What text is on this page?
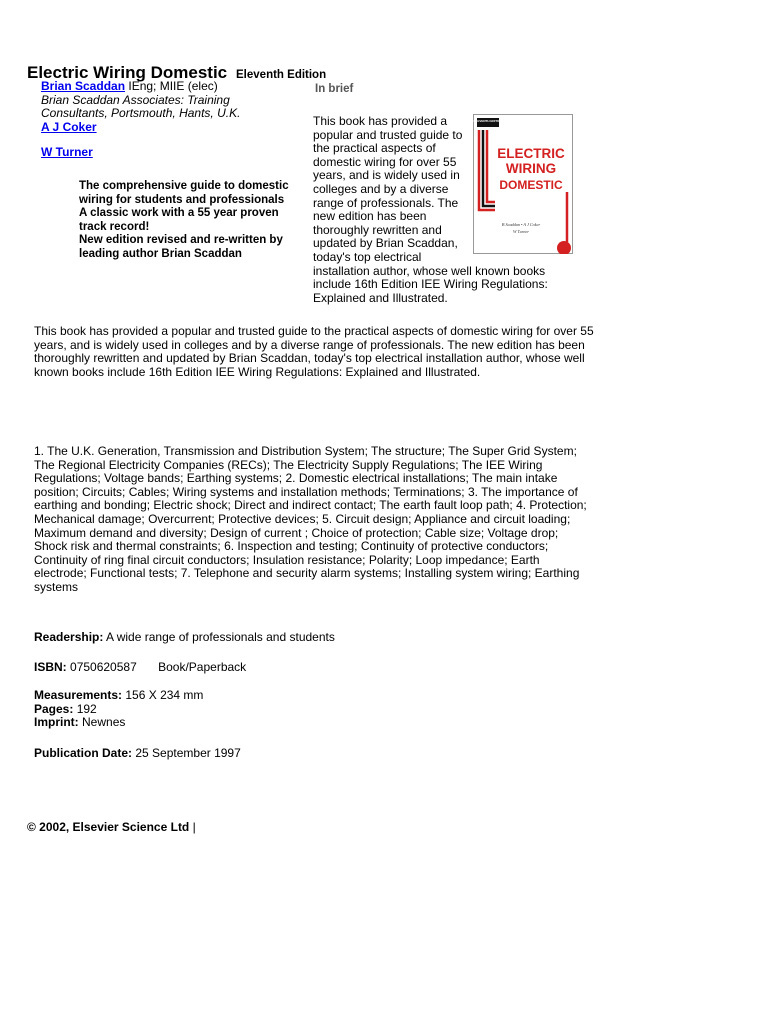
Electric Wiring Domestic Eleventh Edition
Brian Scaddan IEng; MIIE (elec)
Brian Scaddan Associates: Training Consultants, Portsmouth, Hants, U.K.
A J Coker
W Turner
The comprehensive guide to domestic wiring for students and professionals
A classic work with a 55 year proven track record!
New edition revised and re-written by leading author Brian Scaddan
In brief
ELEVENTH EDITION
ELECTRIC
WIRING
DOMESTIC
B Scaddan • A J Coker
W Turner
This book has provided a
popular and trusted guide to
the practical aspects of
domestic wiring for over 55
years, and is widely used in
colleges and by a diverse
range of professionals. The
new edition has been
thoroughly rewritten and
updated by Brian Scaddan,
today's top electrical
installation author, whose well known books
include 16th Edition IEE Wiring Regulations:
Explained and Illustrated.

This book has provided a popular and trusted guide to the practical aspects of domestic wiring for over 55 years, and is widely used in colleges and by a diverse range of professionals. The new edition has been thoroughly rewritten and updated by Brian Scaddan, today's top electrical installation author, whose well known books include 16th Edition IEE Wiring Regulations: Explained and Illustrated.

1. The U.K. Generation, Transmission and Distribution System; The structure; The Super Grid System; The Regional Electricity Companies (RECs); The Electricity Supply Regulations; The IEE Wiring Regulations; Voltage bands; Earthing systems; 2. Domestic electrical installations; The main intake position; Circuits; Cables; Wiring systems and installation methods; Terminations; 3. The importance of earthing and bonding; Electric shock; Direct and indirect contact; The earth fault loop path; 4. Protection; Mechanical damage; Overcurrent; Protective devices; 5. Circuit design; Appliance and circuit loading; Maximum demand and diversity; Design of current ; Choice of protection; Cable size; Voltage drop; Shock risk and thermal constraints; 6. Inspection and testing; Continuity of protective conductors; Continuity of ring final circuit conductors; Insulation resistance; Polarity; Loop impedance; Earth electrode; Functional tests; 7. Telephone and security alarm systems; Installing system wiring; Earthing systems

Readership: A wide range of professionals and students
ISBN: 0750620587 Book/Paperback
Measurements: 156 X 234 mm
Pages: 192
Imprint: Newnes
Publication Date: 25 September 1997
© 2002, Elsevier Science Ltd |
